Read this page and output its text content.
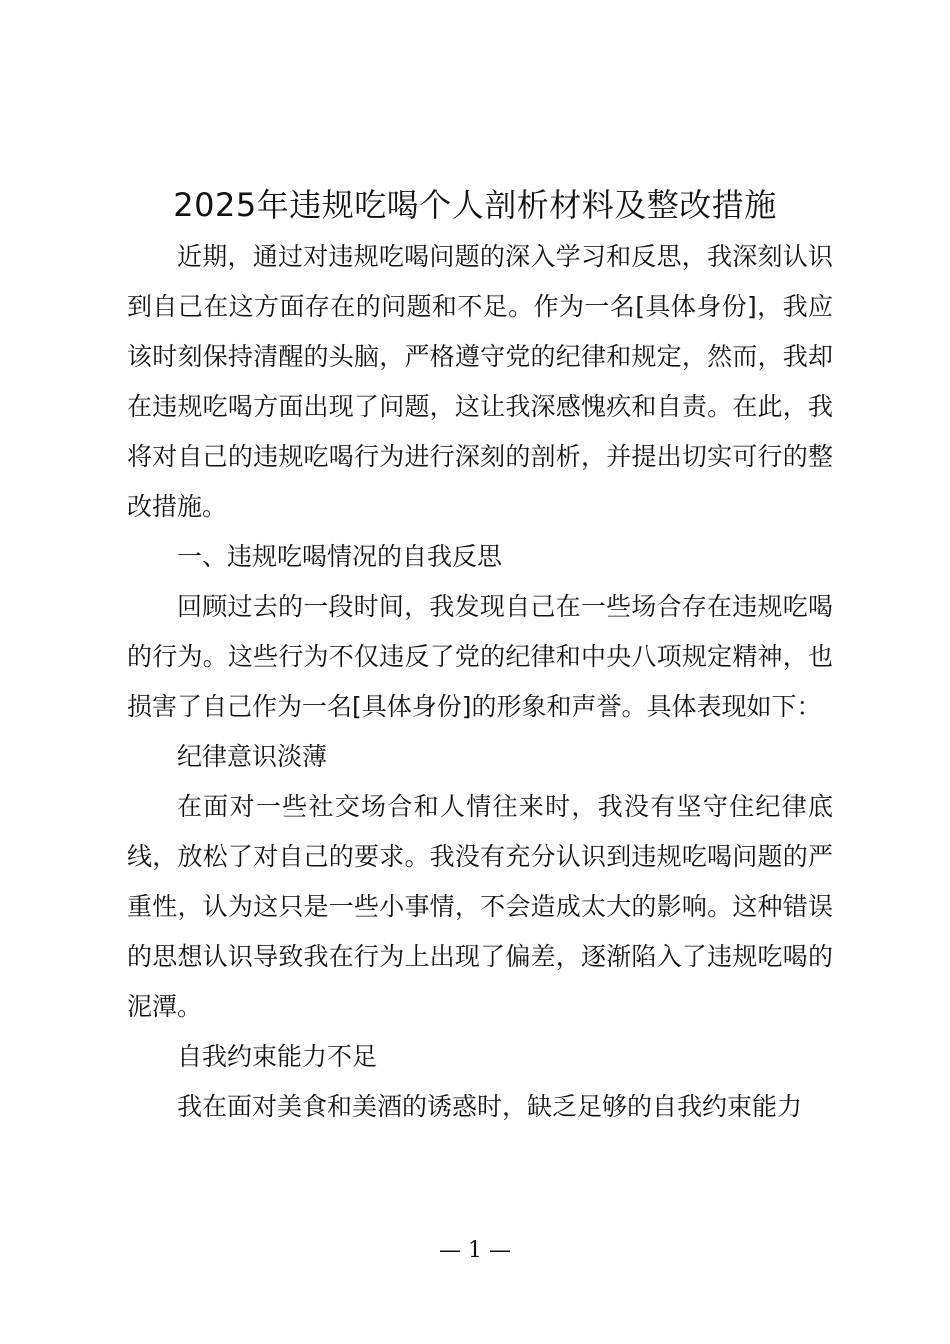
2025年违规吃喝个人剖析材料及整改措施

近期，通过对违规吃喝问题的深入学习和反思，我深刻认识到自己在这方面存在的问题和不足。作为一名[具体身份]，我应该时刻保持清醒的头脑，严格遵守党的纪律和规定，然而，我却在违规吃喝方面出现了问题，这让我深感愧疚和自责。在此，我将对自己的违规吃喝行为进行深刻的剖析，并提出切实可行的整改措施。

一、违规吃喝情况的自我反思

回顾过去的一段时间，我发现自己在一些场合存在违规吃喝的行为。这些行为不仅违反了党的纪律和中央八项规定精神，也损害了自己作为一名[具体身份]的形象和声誉。具体表现如下：

纪律意识淡薄

在面对一些社交场合和人情往来时，我没有坚守住纪律底线，放松了对自己的要求。我没有充分认识到违规吃喝问题的严重性，认为这只是一些小事情，不会造成太大的影响。这种错误的思想认识导致我在行为上出现了偏差，逐渐陷入了违规吃喝的泥潭。

自我约束能力不足

我在面对美食和美酒的诱惑时，缺乏足够的自我约束能力

— 1 —
